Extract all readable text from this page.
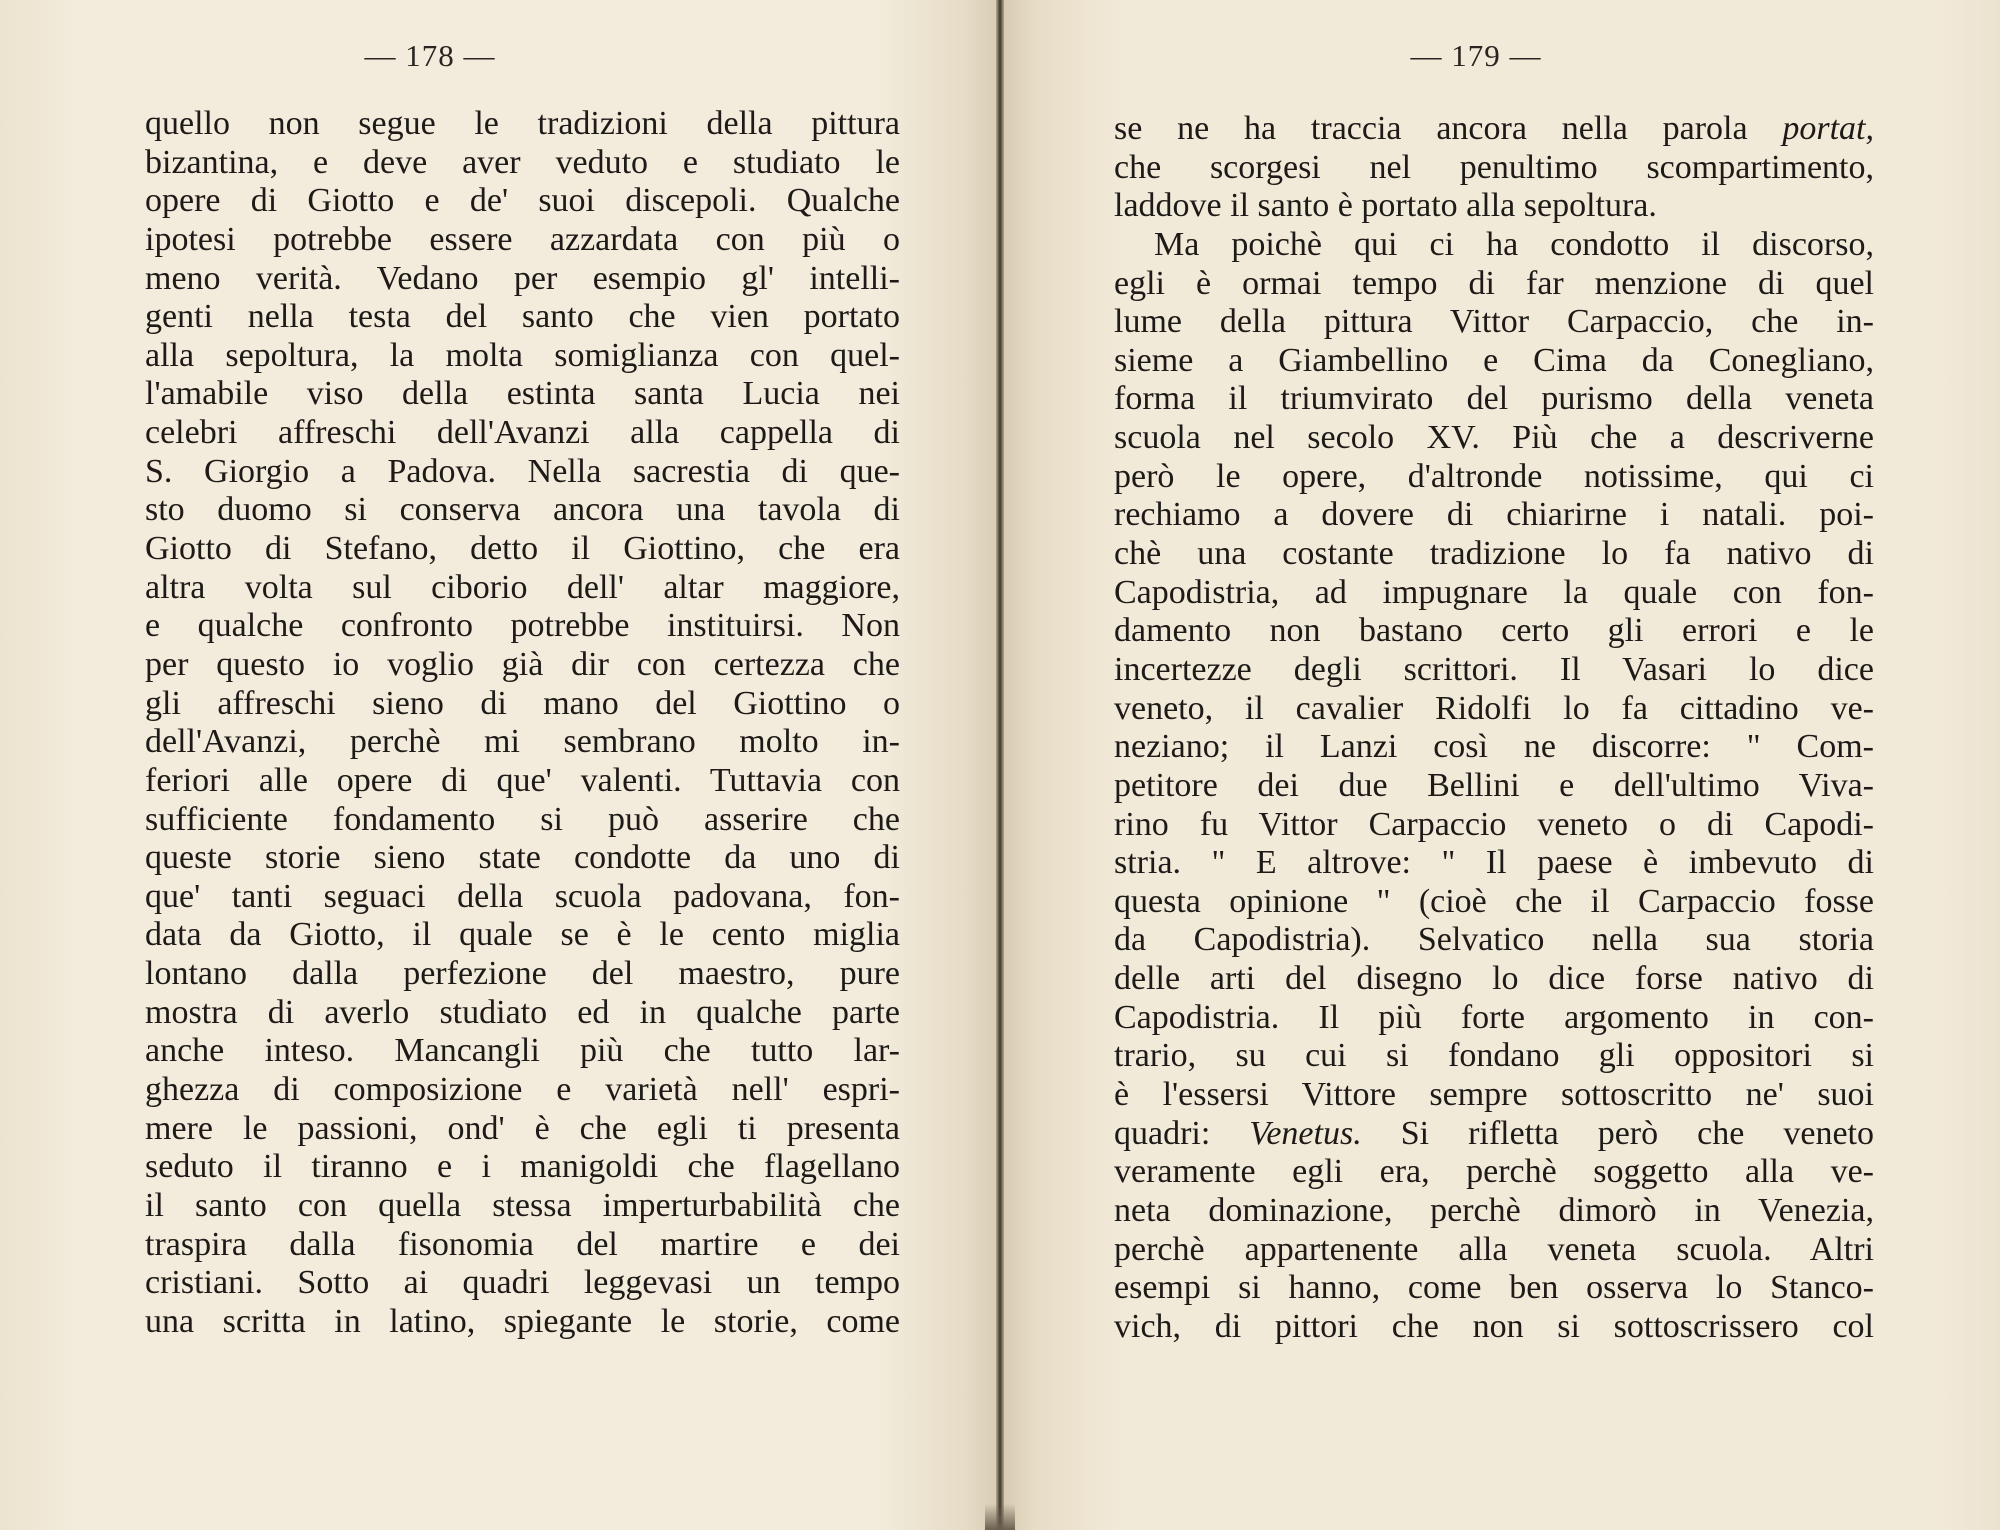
— 178 —
quello non segue le tradizioni della pittura
bizantina, e deve aver veduto e studiato le
opere di Giotto e de' suoi discepoli. Qualche
ipotesi potrebbe essere azzardata con più o
meno verità. Vedano per esempio gl' intelli-
genti nella testa del santo che vien portato
alla sepoltura, la molta somiglianza con quel-
l'amabile viso della estinta santa Lucia nei
celebri affreschi dell'Avanzi alla cappella di
S. Giorgio a Padova. Nella sacrestia di que-
sto duomo si conserva ancora una tavola di
Giotto di Stefano, detto il Giottino, che era
altra volta sul ciborio dell' altar maggiore,
e qualche confronto potrebbe instituirsi. Non
per questo io voglio già dir con certezza che
gli affreschi sieno di mano del Giottino o
dell'Avanzi, perchè mi sembrano molto in-
feriori alle opere di que' valenti. Tuttavia con
sufficiente fondamento si può asserire che
queste storie sieno state condotte da uno di
que' tanti seguaci della scuola padovana, fon-
data da Giotto, il quale se è le cento miglia
lontano dalla perfezione del maestro, pure
mostra di averlo studiato ed in qualche parte
anche inteso. Mancangli più che tutto lar-
ghezza di composizione e varietà nell' espri-
mere le passioni, ond' è che egli ti presenta
seduto il tiranno e i manigoldi che flagellano
il santo con quella stessa imperturbabilità che
traspira dalla fisonomia del martire e dei
cristiani. Sotto ai quadri leggevasi un tempo
una scritta in latino, spiegante le storie, come
— 179 —
se ne ha traccia ancora nella parola portat,
che scorgesi nel penultimo scompartimento,
laddove il santo è portato alla sepoltura.
Ma poichè qui ci ha condotto il discorso,
egli è ormai tempo di far menzione di quel
lume della pittura Vittor Carpaccio, che in-
sieme a Giambellino e Cima da Conegliano,
forma il triumvirato del purismo della veneta
scuola nel secolo XV. Più che a descriverne
però le opere, d'altronde notissime, qui ci
rechiamo a dovere di chiarirne i natali. poi-
chè una costante tradizione lo fa nativo di
Capodistria, ad impugnare la quale con fon-
damento non bastano certo gli errori e le
incertezze degli scrittori. Il Vasari lo dice
veneto, il cavalier Ridolfi lo fa cittadino ve-
neziano; il Lanzi così ne discorre: " Com-
petitore dei due Bellini e dell'ultimo Viva-
rino fu Vittor Carpaccio veneto o di Capodi-
stria. " E altrove: " Il paese è imbevuto di
questa opinione " (cioè che il Carpaccio fosse
da Capodistria). Selvatico nella sua storia
delle arti del disegno lo dice forse nativo di
Capodistria. Il più forte argomento in con-
trario, su cui si fondano gli oppositori si
è l'essersi Vittore sempre sottoscritto ne' suoi
quadri: Venetus. Si rifletta però che veneto
veramente egli era, perchè soggetto alla ve-
neta dominazione, perchè dimorò in Venezia,
perchè appartenente alla veneta scuola. Altri
esempi si hanno, come ben osserva lo Stanco-
vich, di pittori che non si sottoscrissero col
